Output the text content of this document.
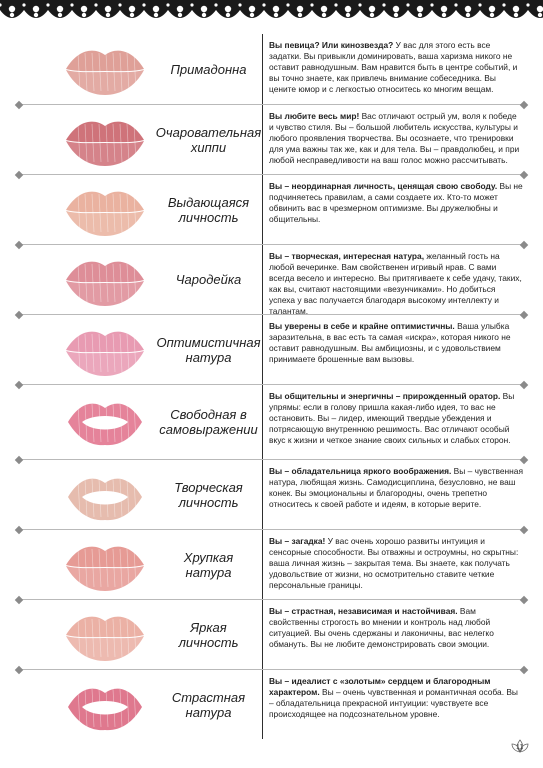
Примадонна
Вы певица? Или кинозвезда? У вас для этого есть все задатки. Вы привыкли доминировать, ваша харизма никого не оставит равнодушным. Вам нравится быть в центре событий, и вы точно знаете, как привлечь внимание собеседника. Вы цените юмор и с легкостью относитесь ко многим вещам.
Очаровательная
хиппи
Вы любите весь мир! Вас отличают острый ум, воля к победе и чувство стиля. Вы – большой любитель искусства, культуры и любого проявления творчества. Вы осознаете, что тренировки для ума важны так же, как и для тела. Вы – правдолюбец, и при любой несправедливости на ваш голос можно рассчитывать.
Выдающаяся
личность
Вы – неординарная личность, ценящая свою свободу. Вы не подчиняетесь правилам, а сами создаете их. Кто-то может обвинить вас в чрезмерном оптимизме. Вы дружелюбны и общительны.
Чародейка
Вы – творческая, интересная натура, желанный гость на любой вечеринке. Вам свойственен игривый нрав. С вами всегда весело и интересно. Вы притягиваете к себе удачу, таких, как вы, считают настоящими «везунчиками». Но добиться успеха у вас получается благодаря высокому интеллекту и талантам.
Оптимистичная
натура
Вы уверены в себе и крайне оптимистичны. Ваша улыбка заразительна, в вас есть та самая «искра», которая никого не оставит равнодушным. Вы амбициозны, и с удовольствием принимаете брошенные вам вызовы.
Свободная в
самовыражении
Вы общительны и энергичны – прирожденный оратор. Вы упрямы: если в голову пришла какая-либо идея, то вас не остановить. Вы – лидер, имеющий твердые убеждения и потрясающую внутреннюю решимость. Вас отличают особый вкус к жизни и четкое знание своих сильных и слабых сторон.
Творческая
личность
Вы – обладательница яркого воображения. Вы – чувственная натура, любящая жизнь. Самодисциплина, безусловно, не ваш конек. Вы эмоциональны и благородны, очень трепетно относитесь к своей работе и идеям, в которые верите.
Хрупкая
натура
Вы – загадка! У вас очень хорошо развиты интуиция и сенсорные способности. Вы отважны и остроумны, но скрытны: ваша личная жизнь – закрытая тема. Вы знаете, как получать удовольствие от жизни, но осмотрительно ставите четкие персональные границы.
Яркая
личность
Вы – страстная, независимая и настойчивая. Вам свойственны строгость во мнении и контроль над любой ситуацией. Вы очень сдержаны и лаконичны, вас нелегко обмануть. Вы не любите демонстрировать свои эмоции.
Страстная
натура
Вы – идеалист с «золотым» сердцем и благородным характером. Вы – очень чувственная и романтичная особа. Вы – обладательница прекрасной интуиции: чувствуете все происходящее на подсознательном уровне.
11
